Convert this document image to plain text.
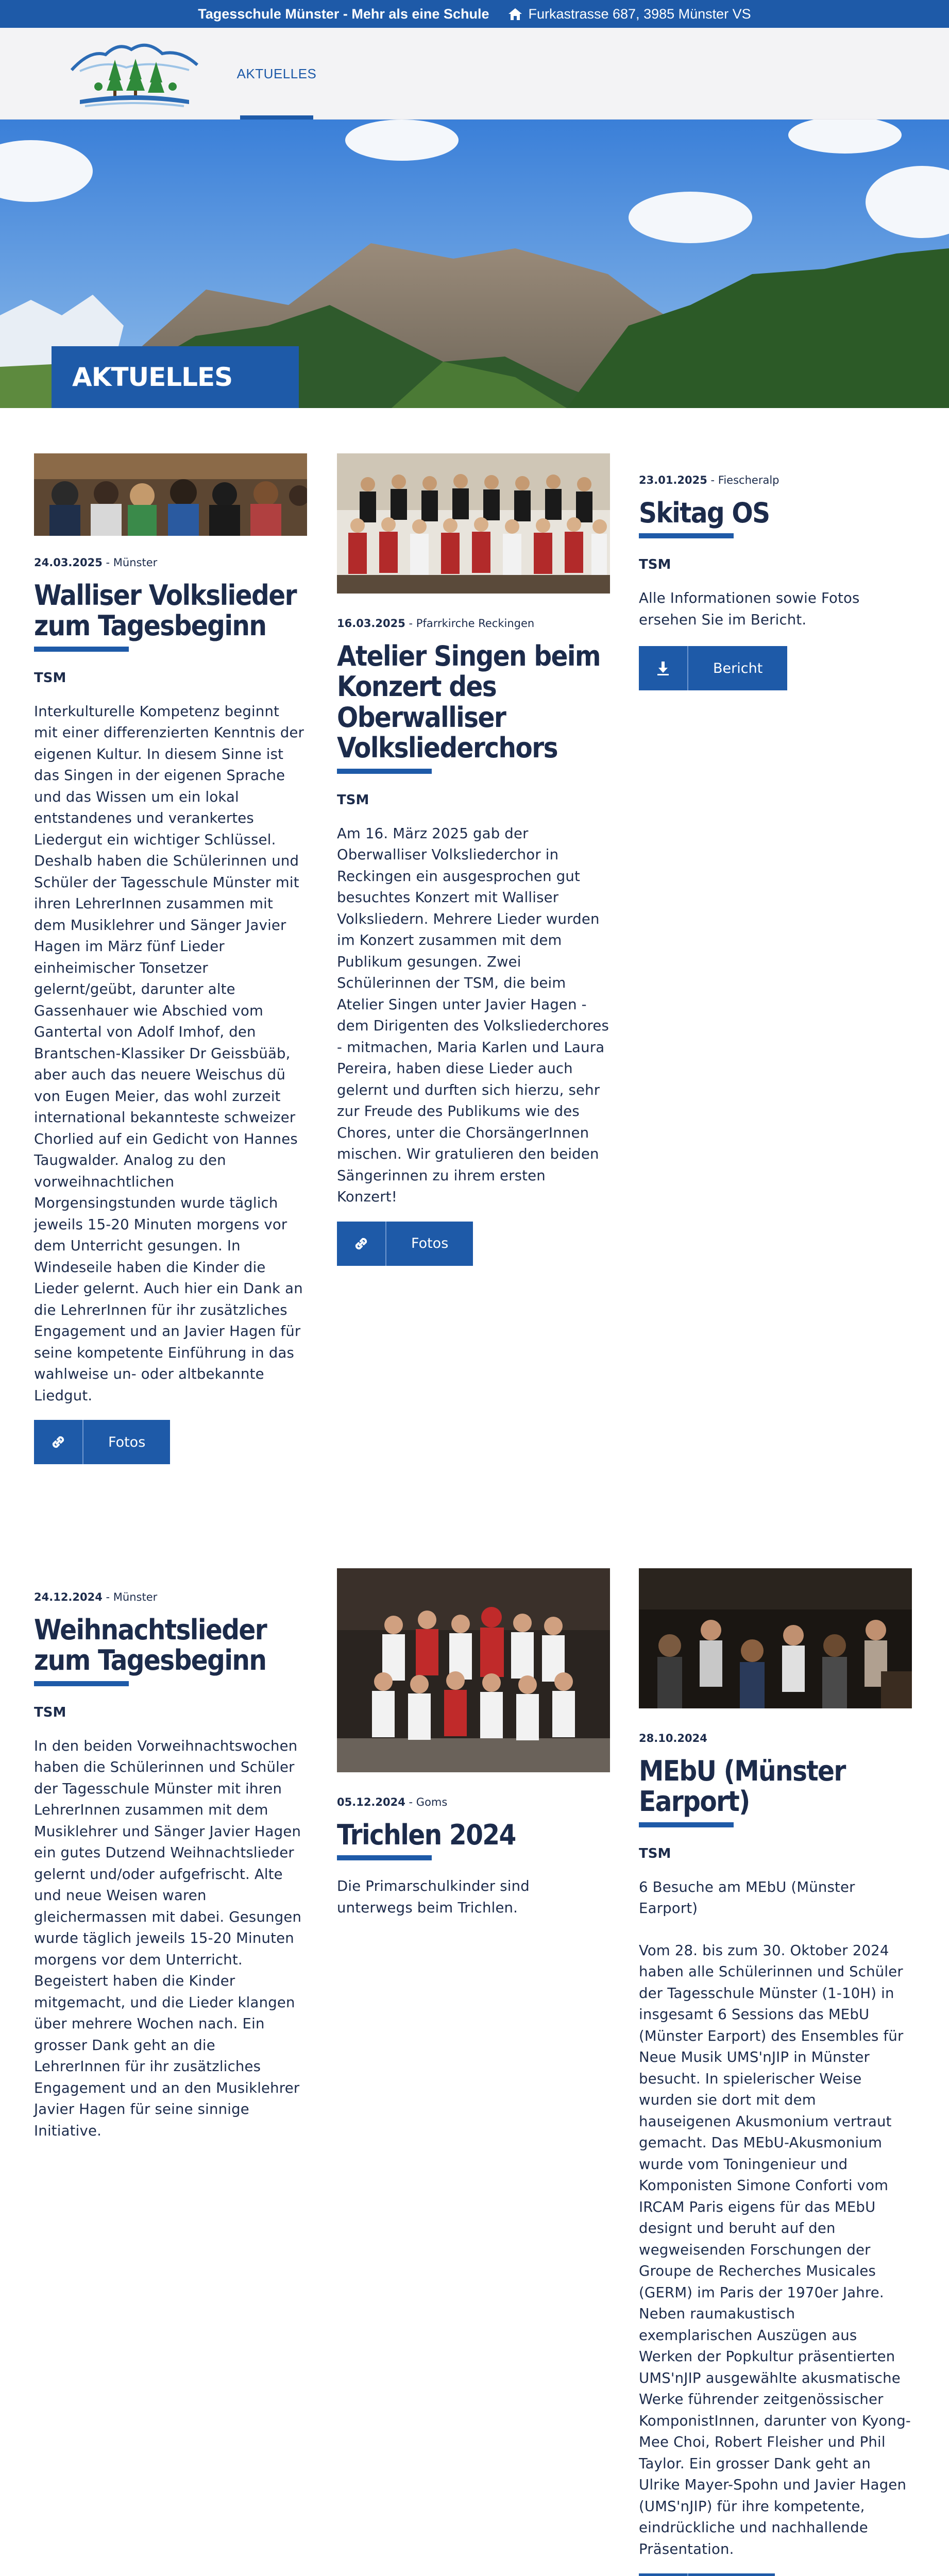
Tagesschule Münster - Mehr als eine Schule	Furkastrasse 687, 3985 Münster VS
AKTUELLES
AKTUELLES
24.03.2025 - Münster
Walliser Volkslieder zum Tagesbeginn
TSM
Interkulturelle Kompetenz beginnt mit einer differenzierten Kenntnis der eigenen Kultur. In diesem Sinne ist das Singen in der eigenen Sprache und das Wissen um ein lokal entstandenes und verankertes Liedergut ein wichtiger Schlüssel. Deshalb haben die Schülerinnen und Schüler der Tagesschule Münster mit ihren LehrerInnen zusammen mit dem Musiklehrer und Sänger Javier Hagen im März fünf Lieder einheimischer Tonsetzer gelernt/geübt, darunter alte Gassenhauer wie Abschied vom Gantertal von Adolf Imhof, den Brantschen-Klassiker Dr Geissbüäb, aber auch das neuere Weischus dü von Eugen Meier, das wohl zurzeit international bekannteste schweizer Chorlied auf ein Gedicht von Hannes Taugwalder. Analog zu den vorweihnachtlichen Morgensingstunden wurde täglich jeweils 15-20 Minuten morgens vor dem Unterricht gesungen. In Windeseile haben die Kinder die Lieder gelernt. Auch hier ein Dank an die LehrerInnen für ihr zusätzliches Engagement und an Javier Hagen für seine kompetente Einführung in das wahlweise un- oder altbekannte Liedgut.
Fotos
16.03.2025 - Pfarrkirche Reckingen
Atelier Singen beim Konzert des Oberwalliser Volksliederchors
TSM
Am 16. März 2025 gab der Oberwalliser Volksliederchor in Reckingen ein ausgesprochen gut besuchtes Konzert mit Walliser Volksliedern. Mehrere Lieder wurden im Konzert zusammen mit dem Publikum gesungen. Zwei Schülerinnen der TSM, die beim Atelier Singen unter Javier Hagen - dem Dirigenten des Volksliederchores - mitmachen, Maria Karlen und Laura Pereira, haben diese Lieder auch gelernt und durften sich hierzu, sehr zur Freude des Publikums wie des Chores, unter die ChorsängerInnen mischen. Wir gratulieren den beiden Sängerinnen zu ihrem ersten Konzert!
Fotos
23.01.2025 - Fiescheralp
Skitag OS
TSM
Alle Informationen sowie Fotos ersehen Sie im Bericht.
Bericht
24.12.2024 - Münster
Weihnachtslieder zum Tagesbeginn
TSM
In den beiden Vorweihnachtswochen haben die Schülerinnen und Schüler der Tagesschule Münster mit ihren LehrerInnen zusammen mit dem Musiklehrer und Sänger Javier Hagen ein gutes Dutzend Weihnachtslieder gelernt und/oder aufgefrischt. Alte und neue Weisen waren gleichermassen mit dabei. Gesungen wurde täglich jeweils 15-20 Minuten morgens vor dem Unterricht. Begeistert haben die Kinder mitgemacht, und die Lieder klangen über mehrere Wochen nach. Ein grosser Dank geht an die LehrerInnen für ihr zusätzliches Engagement und an den Musiklehrer Javier Hagen für seine sinnige Initiative.
05.12.2024 - Goms
Trichlen 2024
Die Primarschulkinder sind unterwegs beim Trichlen.
28.10.2024
MEbU (Münster Earport)
TSM
6 Besuche am MEbU (Münster Earport)
Vom 28. bis zum 30. Oktober 2024 haben alle Schülerinnen und Schüler der Tagesschule Münster (1-10H) in insgesamt 6 Sessions das MEbU (Münster Earport) des Ensembles für Neue Musik UMS'nJIP in Münster besucht. In spielerischer Weise wurden sie dort mit dem hauseigenen Akusmonium vertraut gemacht. Das MEbU-Akusmonium wurde vom Toningenieur und Komponisten Simone Conforti vom IRCAM Paris eigens für das MEbU designt und beruht auf den wegweisenden Forschungen der Groupe de Recherches Musicales (GERM) im Paris der 1970er Jahre. Neben raumakustisch exemplarischen Auszügen aus Werken der Popkultur präsentierten UMS'nJIP ausgewählte akusmatische Werke führender zeitgenössischer KomponistInnen, darunter von Kyong-Mee Choi, Robert Fleisher und Phil Taylor. Ein grosser Dank geht an Ulrike Mayer-Spohn und Javier Hagen (UMS'nJIP) für ihre kompetente, eindrückliche und nachhallende Präsentation.
